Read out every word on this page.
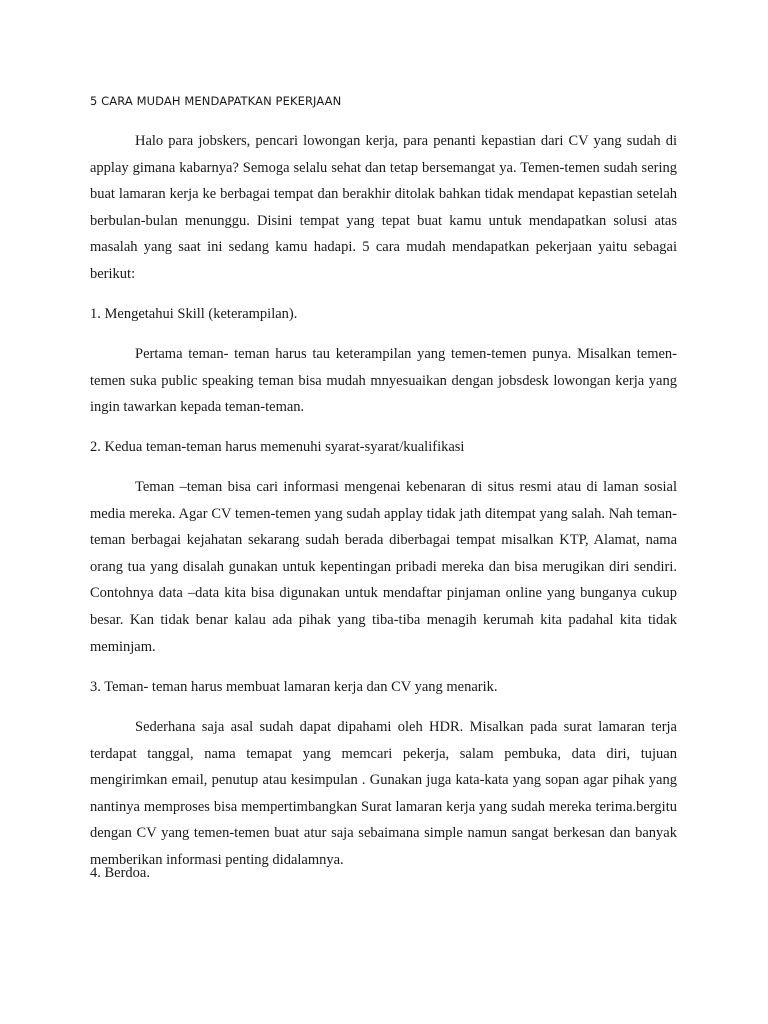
5 CARA MUDAH MENDAPATKAN PEKERJAAN

Halo para jobskers, pencari lowongan kerja, para penanti kepastian dari CV yang sudah di applay gimana kabarnya? Semoga selalu sehat dan tetap bersemangat ya. Temen-temen sudah sering buat lamaran kerja ke berbagai tempat dan berakhir ditolak bahkan tidak mendapat kepastian setelah berbulan-bulan menunggu. Disini tempat yang tepat buat kamu untuk mendapatkan solusi atas masalah yang saat ini sedang kamu hadapi. 5 cara mudah mendapatkan pekerjaan yaitu sebagai berikut:

1. Mengetahui Skill (keterampilan).

Pertama teman- teman harus tau keterampilan yang temen-temen punya. Misalkan temen-temen suka public speaking teman bisa mudah mnyesuaikan dengan jobsdesk lowongan kerja yang ingin tawarkan kepada teman-teman.

2. Kedua teman-teman harus memenuhi syarat-syarat/kualifikasi

Teman –teman bisa cari informasi mengenai kebenaran di situs resmi atau di laman sosial media mereka. Agar CV temen-temen yang sudah applay tidak jath ditempat yang salah. Nah teman-teman berbagai kejahatan sekarang sudah berada diberbagai tempat misalkan KTP, Alamat, nama orang tua yang disalah gunakan untuk kepentingan pribadi mereka dan bisa merugikan diri sendiri. Contohnya data –data kita bisa digunakan untuk mendaftar pinjaman online yang bunganya cukup besar. Kan tidak benar kalau ada pihak yang tiba-tiba menagih kerumah kita padahal kita tidak meminjam.

3. Teman- teman harus membuat lamaran kerja dan CV yang menarik.

Sederhana saja asal sudah dapat dipahami oleh HDR. Misalkan pada surat lamaran terja terdapat tanggal, nama temapat yang memcari pekerja, salam pembuka, data diri, tujuan mengirimkan email, penutup atau kesimpulan . Gunakan juga kata-kata yang sopan agar pihak yang nantinya memproses bisa mempertimbangkan Surat lamaran kerja yang sudah mereka terima.bergitu dengan CV yang temen-temen buat atur saja sebaimana simple namun sangat berkesan dan banyak memberikan informasi penting didalamnya.

4. Berdoa.
